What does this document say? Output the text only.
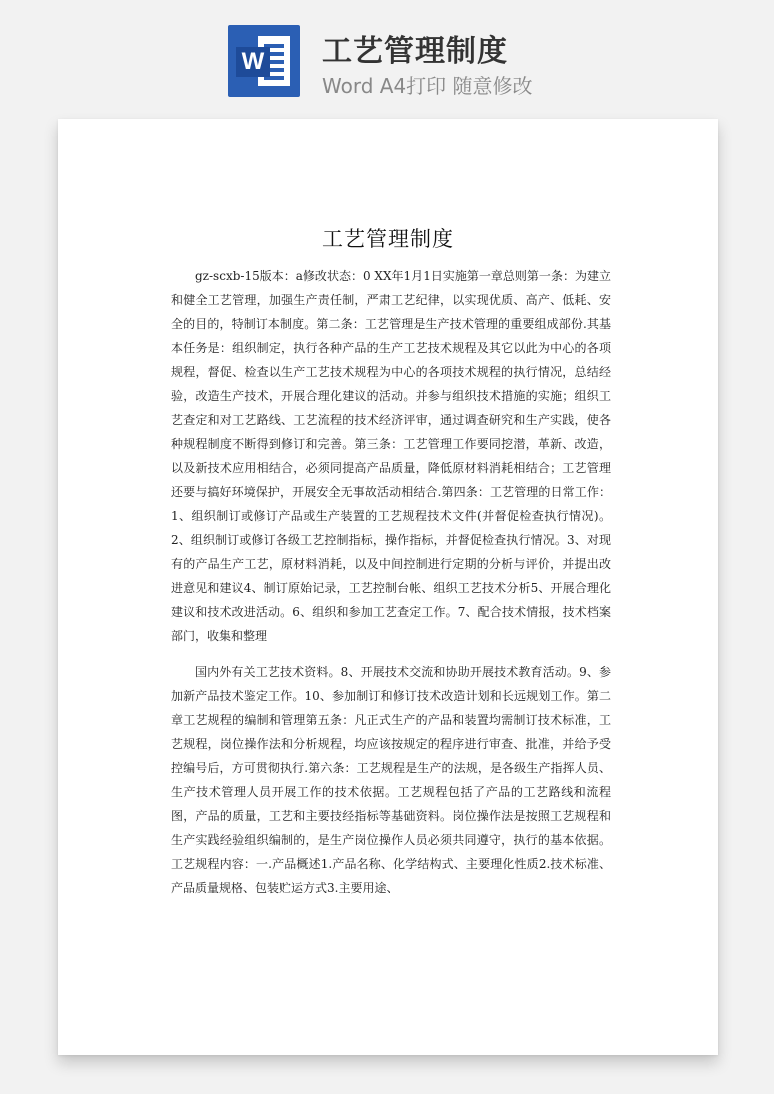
W 工艺管理制度
Word A4打印 随意修改
工艺管理制度

gz-scxb-15版本：a修改状态：0 XX年1月1日实施第一章总则第一条：为建立和健全工艺管理，加强生产责任制，严肃工艺纪律，以实现优质、高产、低耗、安全的目的，特制订本制度。第二条：工艺管理是生产技术管理的重要组成部份.其基本任务是：组织制定，执行各种产品的生产工艺技术规程及其它以此为中心的各项规程，督促、检查以生产工艺技术规程为中心的各项技术规程的执行情况，总结经验，改造生产技术，开展合理化建议的活动。并参与组织技术措施的实施；组织工艺查定和对工艺路线、工艺流程的技术经济评审，通过调查研究和生产实践，使各种规程制度不断得到修订和完善。第三条：工艺管理工作要同挖潜，革新、改造，以及新技术应用相结合，必须同提高产品质量，降低原材料消耗相结合；工艺管理还要与搞好环境保护，开展安全无事故活动相结合.第四条：工艺管理的日常工作：1、组织制订或修订产品或生产装置的工艺规程技术文件(并督促检查执行情况)。2、组织制订或修订各级工艺控制指标，操作指标，并督促检查执行情况。3、对现有的产品生产工艺，原材料消耗，以及中间控制进行定期的分析与评价，并提出改进意见和建议4、制订原始记录，工艺控制台帐、组织工艺技术分析5、开展合理化建议和技术改进活动。6、组织和参加工艺查定工作。7、配合技术情报，技术档案部门，收集和整理

国内外有关工艺技术资料。8、开展技术交流和协助开展技术教育活动。9、参加新产品技术鉴定工作。10、参加制订和修订技术改造计划和长远规划工作。第二章工艺规程的编制和管理第五条：凡正式生产的产品和装置均需制订技术标准，工艺规程，岗位操作法和分析规程，均应该按规定的程序进行审查、批准，并给予受控编号后，方可贯彻执行.第六条：工艺规程是生产的法规，是各级生产指挥人员、生产技术管理人员开展工作的技术依据。工艺规程包括了产品的工艺路线和流程图，产品的质量，工艺和主要技经指标等基础资料。岗位操作法是按照工艺规程和生产实践经验组织编制的，是生产岗位操作人员必须共同遵守，执行的基本依据。工艺规程内容：一.产品概述1.产品名称、化学结构式、主要理化性质2.技术标准、产品质量规格、包装贮运方式3.主要用途、
